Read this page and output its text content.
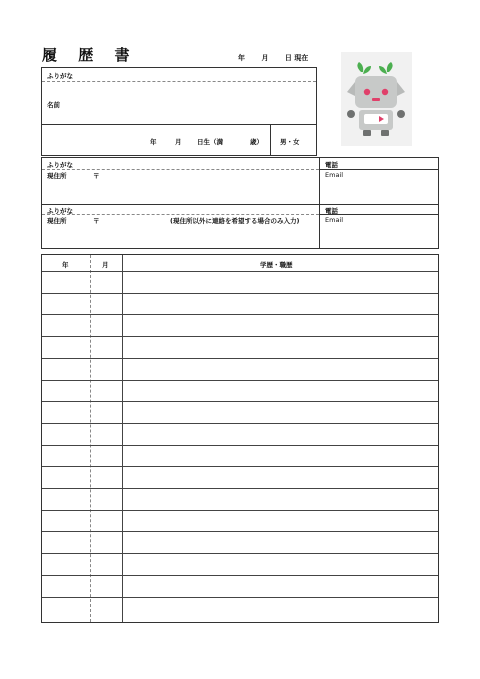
履 歴 書	年 月 日 現在
ふりがな
名前
年	月 日生（満	歳）	男・女
ふりがな
現住所	〒
電話
Email
ふりがな
現住所	〒	(現住所以外に連絡を希望する場合のみ入力)
電話
Email
年	月	学歴・職歴
